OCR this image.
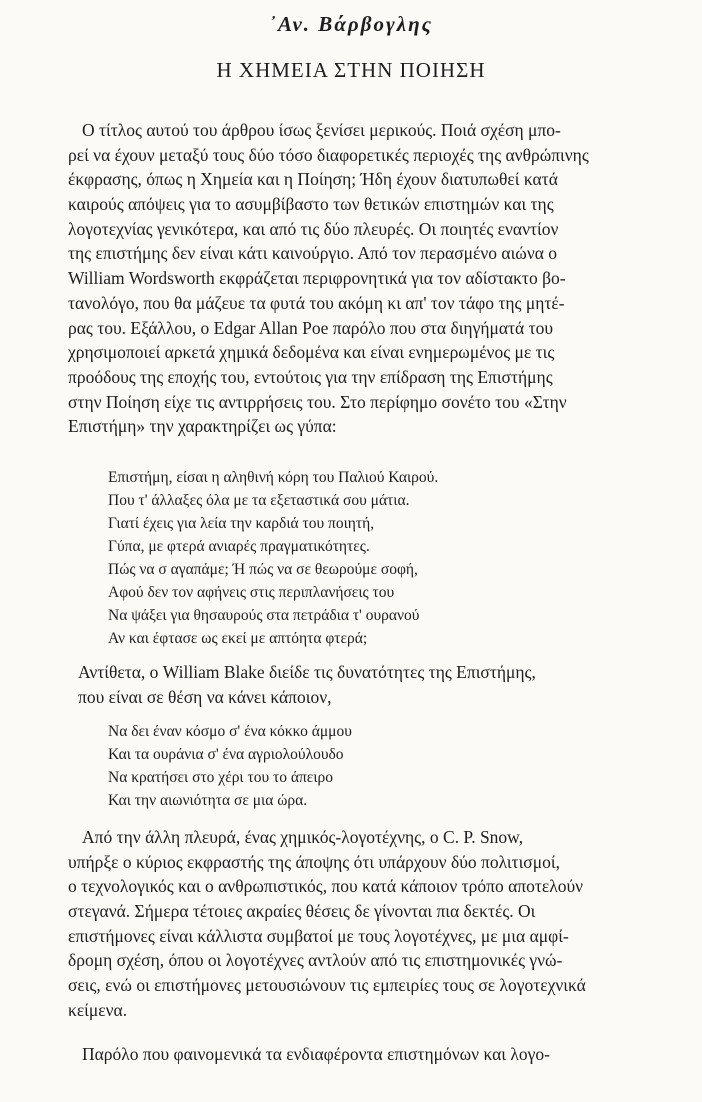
᾿Αν. Βάρβογλης
Η ΧΗΜΕΙΑ ΣΤΗΝ ΠΟΙΗΣΗ
Ο τίτλος αυτού του άρθρου ίσως ξενίσει μερικούς. Ποιά σχέση μπο-
ρεί να έχουν μεταξύ τους δύο τόσο διαφορετικές περιοχές της ανθρώπινης
έκφρασης, όπως η Χημεία και η Ποίηση; Ήδη έχουν διατυπωθεί κατά
καιρούς απόψεις για το ασυμβίβαστο των θετικών επιστημών και της
λογοτεχνίας γενικότερα, και από τις δύο πλευρές. Οι ποιητές εναντίον
της επιστήμης δεν είναι κάτι καινούργιο. Από τον περασμένο αιώνα ο
William Wordsworth εκφράζεται περιφρονητικά για τον αδίστακτο βο-
τανολόγο, που θα μάζευε τα φυτά του ακόμη κι απ' τον τάφο της μητέ-
ρας του. Εξάλλου, ο Edgar Allan Poe παρόλο που στα διηγήματά του
χρησιμοποιεί αρκετά χημικά δεδομένα και είναι ενημερωμένος με τις
προόδους της εποχής του, εντούτοις για την επίδραση της Επιστήμης
στην Ποίηση είχε τις αντιρρήσεις του. Στο περίφημο σονέτο του «Στην
Επιστήμη» την χαρακτηρίζει ως γύπα:
Επιστήμη, είσαι η αληθινή κόρη του Παλιού Καιρού.
Που τ' άλλαξες όλα με τα εξεταστικά σου μάτια.
Γιατί έχεις για λεία την καρδιά του ποιητή,
Γύπα, με φτερά ανιαρές πραγματικότητες.
Πώς να σ αγαπάμε; Ή πώς να σε θεωρούμε σοφή,
Αφού δεν τον αφήνεις στις περιπλανήσεις του
Να ψάξει για θησαυρούς στα πετράδια τ' ουρανού
Αν και έφτασε ως εκεί με απτόητα φτερά;
Αντίθετα, ο William Blake διείδε τις δυνατότητες της Επιστήμης,
που είναι σε θέση να κάνει κάποιον,
Να δει έναν κόσμο σ' ένα κόκκο άμμου
Και τα ουράνια σ' ένα αγριολούλουδο
Να κρατήσει στο χέρι του το άπειρο
Και την αιωνιότητα σε μια ώρα.
Από την άλλη πλευρά, ένας χημικός-λογοτέχνης, ο C. P. Snow,
υπήρξε ο κύριος εκφραστής της άποψης ότι υπάρχουν δύο πολιτισμοί,
ο τεχνολογικός και ο ανθρωπιστικός, που κατά κάποιον τρόπο αποτελούν
στεγανά. Σήμερα τέτοιες ακραίες θέσεις δε γίνονται πια δεκτές. Οι
επιστήμονες είναι κάλλιστα συμβατοί με τους λογοτέχνες, με μια αμφί-
δρομη σχέση, όπου οι λογοτέχνες αντλούν από τις επιστημονικές γνώ-
σεις, ενώ οι επιστήμονες μετουσιώνουν τις εμπειρίες τους σε λογοτεχνικά
κείμενα.
Παρόλο που φαινομενικά τα ενδιαφέροντα επιστημόνων και λογο-
